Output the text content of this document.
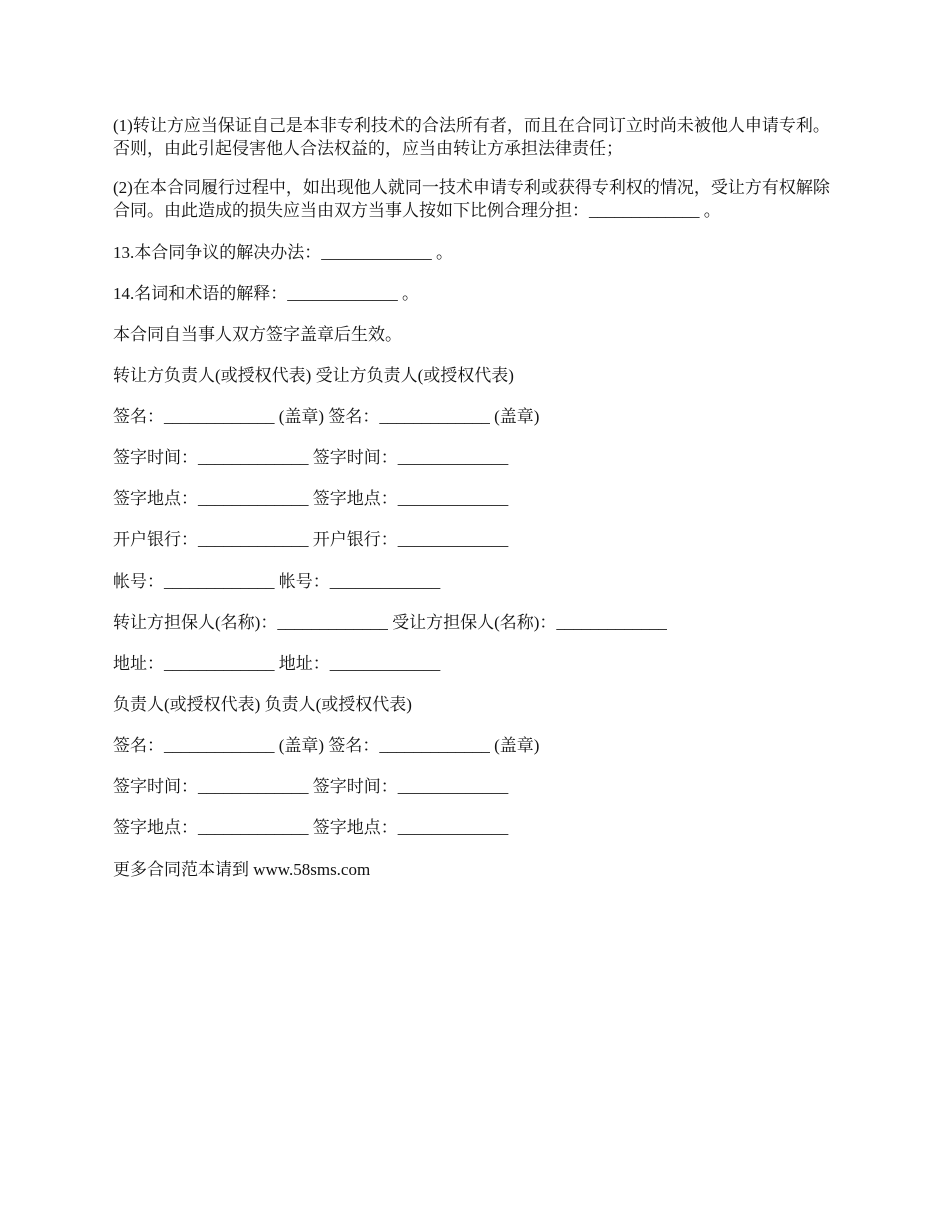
(1)转让方应当保证自己是本非专利技术的合法所有者，而且在合同订立时尚未被他人申请专利。否则，由此引起侵害他人合法权益的，应当由转让方承担法律责任；
(2)在本合同履行过程中，如出现他人就同一技术申请专利或获得专利权的情况，受让方有权解除合同。由此造成的损失应当由双方当事人按如下比例合理分担：_____________ 。
13.本合同争议的解决办法：_____________ 。
14.名词和术语的解释：_____________ 。
本合同自当事人双方签字盖章后生效。
转让方负责人(或授权代表) 受让方负责人(或授权代表)
签名：_____________ (盖章) 签名：_____________ (盖章)
签字时间：_____________ 签字时间：_____________
签字地点：_____________ 签字地点：_____________
开户银行：_____________ 开户银行：_____________
帐号：_____________ 帐号：_____________
转让方担保人(名称)：_____________ 受让方担保人(名称)：_____________
地址：_____________ 地址：_____________
负责人(或授权代表) 负责人(或授权代表)
签名：_____________ (盖章) 签名：_____________ (盖章)
签字时间：_____________ 签字时间：_____________
签字地点：_____________ 签字地点：_____________
更多合同范本请到 www.58sms.com
